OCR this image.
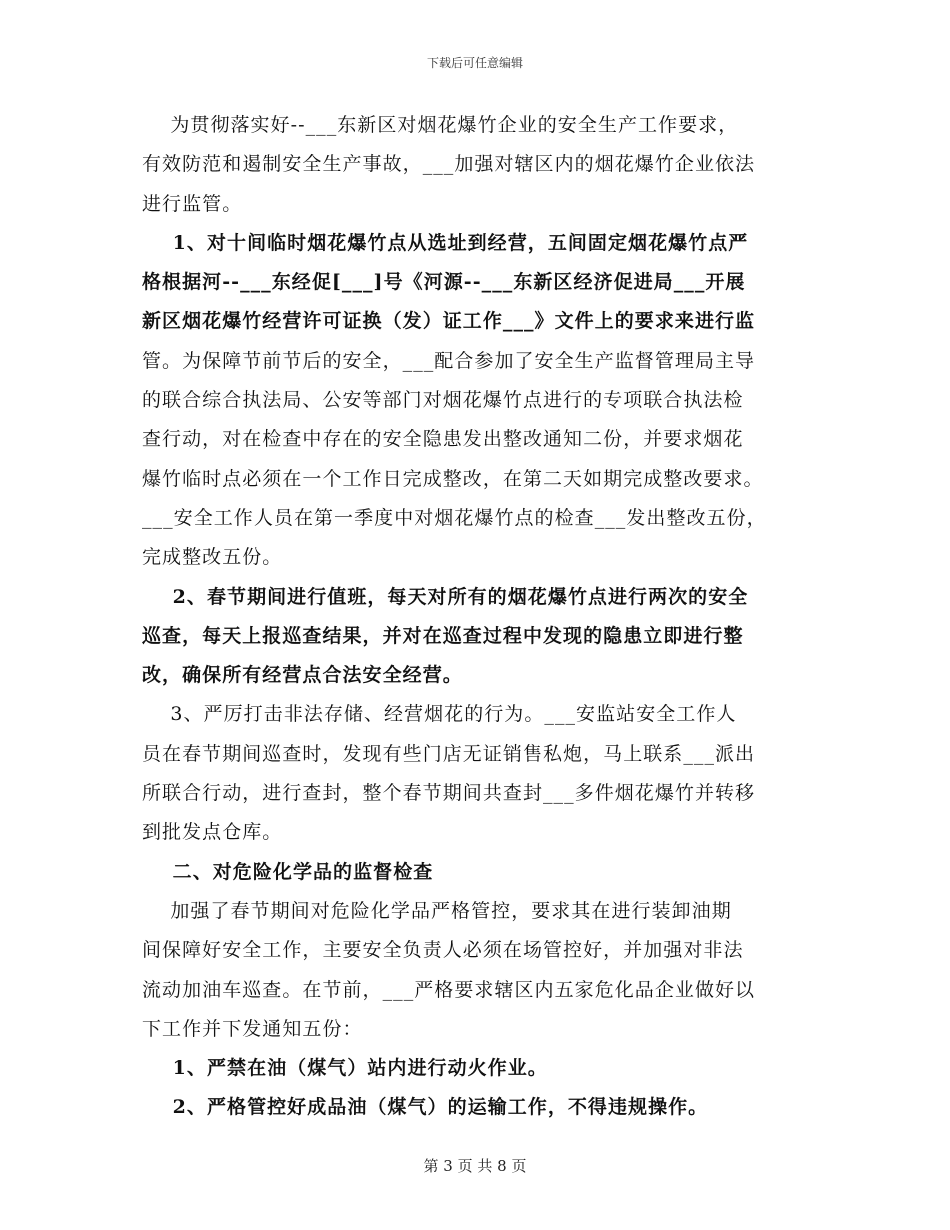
下载后可任意编辑
为贯彻落实好--___东新区对烟花爆竹企业的安全生产工作要求，
有效防范和遏制安全生产事故，___加强对辖区内的烟花爆竹企业依法
进行监管。
1、对十间临时烟花爆竹点从选址到经营，五间固定烟花爆竹点严
格根据河--___东经促[___]号《河源--___东新区经济促进局___开展
新区烟花爆竹经营许可证换（发）证工作___》文件上的要求来进行监
管。为保障节前节后的安全，___配合参加了安全生产监督管理局主导
的联合综合执法局、公安等部门对烟花爆竹点进行的专项联合执法检
查行动，对在检查中存在的安全隐患发出整改通知二份，并要求烟花
爆竹临时点必须在一个工作日完成整改，在第二天如期完成整改要求。
___安全工作人员在第一季度中对烟花爆竹点的检查___发出整改五份，
完成整改五份。
2、春节期间进行值班，每天对所有的烟花爆竹点进行两次的安全
巡查，每天上报巡查结果，并对在巡查过程中发现的隐患立即进行整
改，确保所有经营点合法安全经营。
3、严厉打击非法存储、经营烟花的行为。___安监站安全工作人
员在春节期间巡查时，发现有些门店无证销售私炮，马上联系___派出
所联合行动，进行查封，整个春节期间共查封___多件烟花爆竹并转移
到批发点仓库。
二、对危险化学品的监督检查
加强了春节期间对危险化学品严格管控，要求其在进行装卸油期
间保障好安全工作，主要安全负责人必须在场管控好，并加强对非法
流动加油车巡查。在节前，___严格要求辖区内五家危化品企业做好以
下工作并下发通知五份：
1、严禁在油（煤气）站内进行动火作业。
2、严格管控好成品油（煤气）的运输工作，不得违规操作。
第 3 页 共 8 页
